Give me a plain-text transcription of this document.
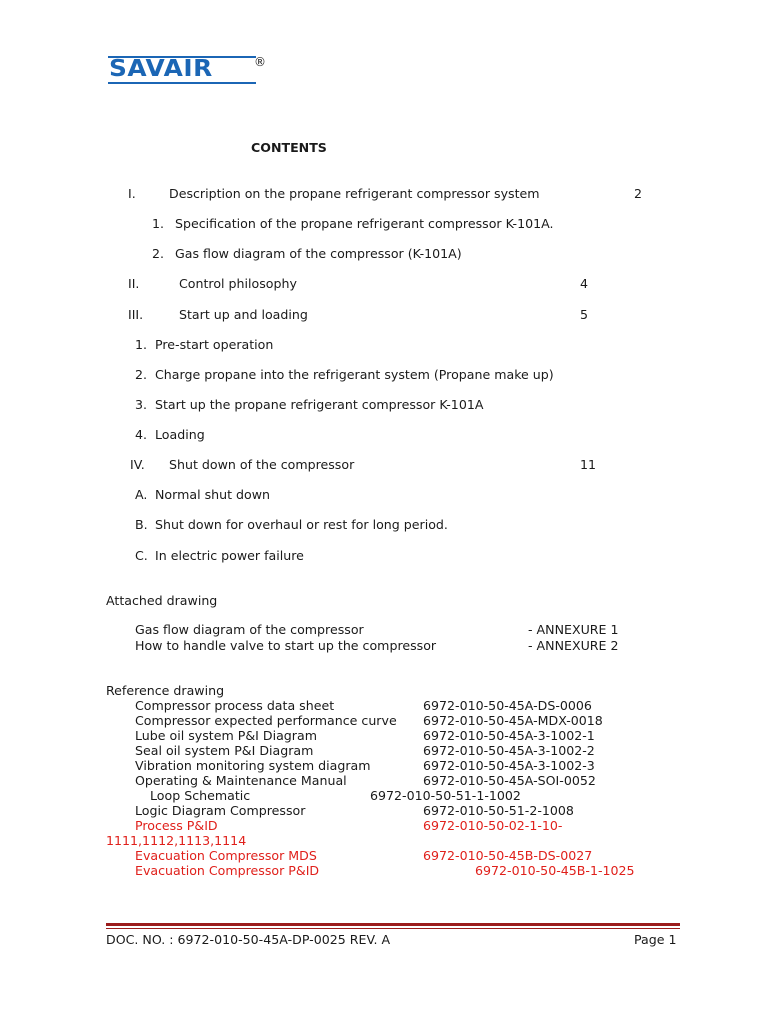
SAVAIR	®
CONTENTS
I.	Description on the propane refrigerant compressor system	2
1. Specification of the propane refrigerant compressor K-101A.
2. Gas flow diagram of the compressor (K-101A)
II.	Control philosophy	4
III.	Start up and loading	5
1. Pre-start operation
2. Charge propane into the refrigerant system (Propane make up)
3. Start up the propane refrigerant compressor K-101A
4. Loading
IV. Shut down of the compressor	11
A. Normal shut down
B. Shut down for overhaul or rest for long period.
C. In electric power failure
Attached drawing
Gas flow diagram of the compressor	- ANNEXURE 1
How to handle valve to start up the compressor	- ANNEXURE 2
Reference drawing
Compressor process data sheet	6972-010-50-45A-DS-0006
Compressor expected performance curve 6972-010-50-45A-MDX-0018
Lube oil system P&I Diagram	6972-010-50-45A-3-1002-1
Seal oil system P&I Diagram	6972-010-50-45A-3-1002-2
Vibration monitoring system diagram	6972-010-50-45A-3-1002-3
Operating & Maintenance Manual	6972-010-50-45A-SOI-0052
Loop Schematic	6972-010-50-51-1-1002
Logic Diagram Compressor	6972-010-50-51-2-1008
Process P&ID	6972-010-50-02-1-10-
1111,1112,1113,1114
Evacuation Compressor MDS	6972-010-50-45B-DS-0027
Evacuation Compressor P&ID	6972-010-50-45B-1-1025
DOC. NO. : 6972-010-50-45A-DP-0025 REV. A	Page 1
